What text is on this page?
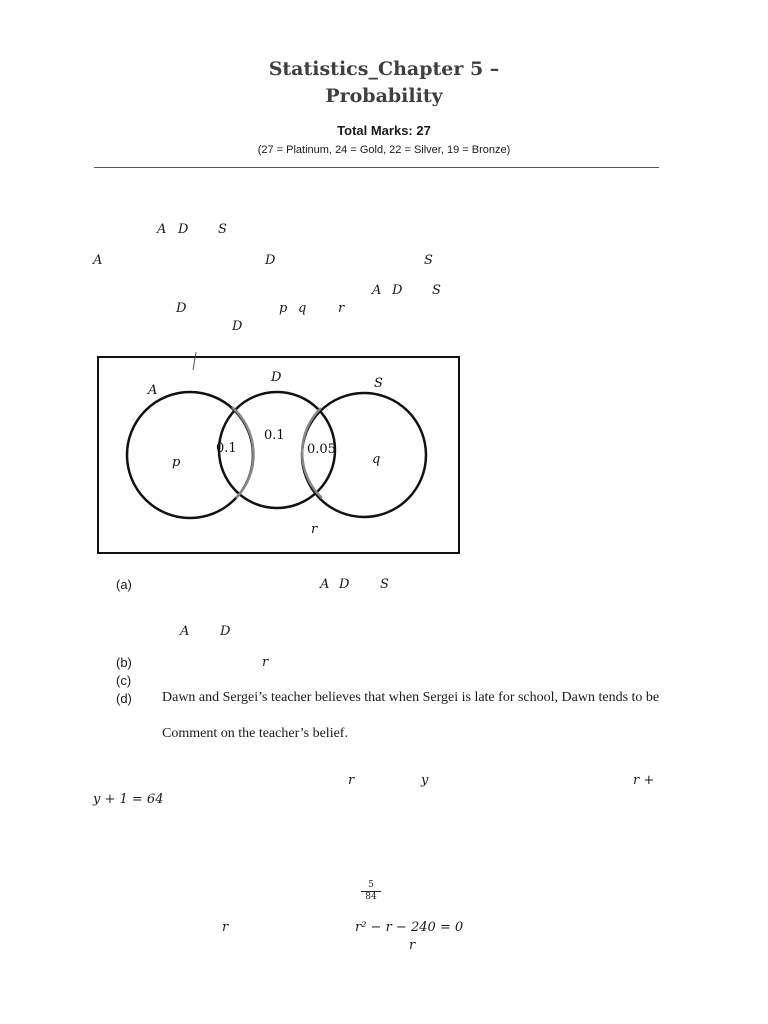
Statistics_Chapter 5 –
Probability
Total Marks: 27
(27 = Platinum, 24 = Gold, 22 = Silver, 19 = Bronze)
A D S
A	D	S
A D S
D	p q r
D
A
D	S
p
0.1
0.1
0.05
q
r
(a)	A D S
A D
(b)	r
(c)
(d) Dawn and Sergei’s teacher believes that when Sergei is late for school, Dawn tends to be
Comment on the teacher’s belief.
r	y	r +
y + 1 = 64
$\frac{5}{84}$
r	r² − r − 240 = 0
r
